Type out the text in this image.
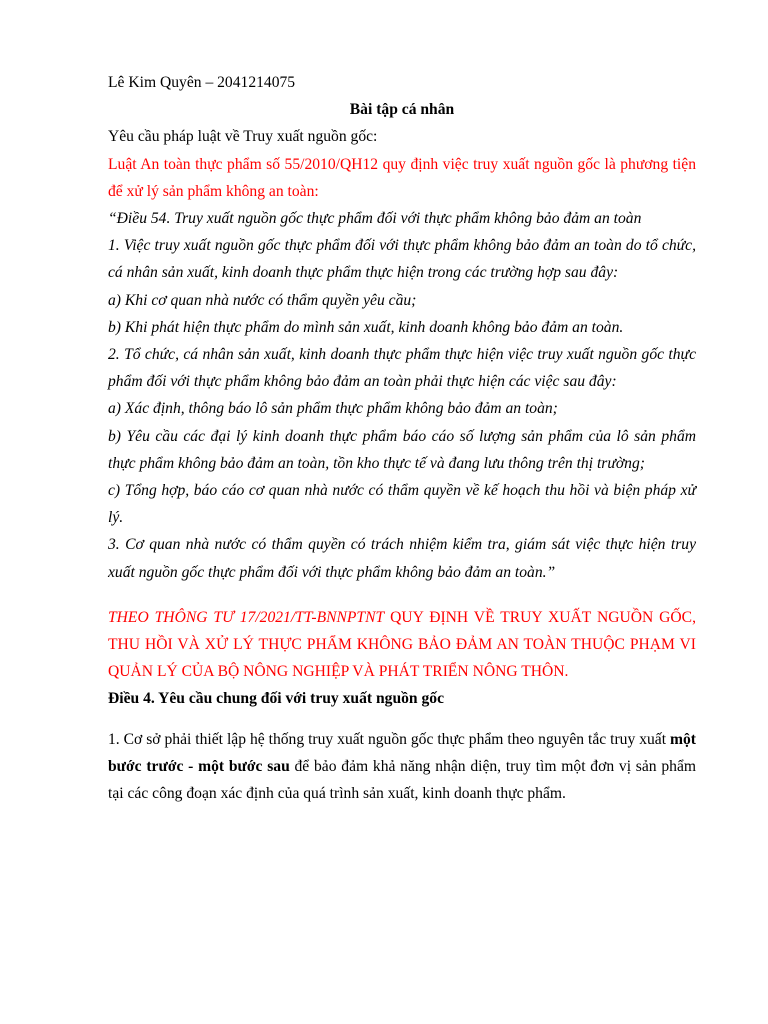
Lê Kim Quyên – 2041214075

Bài tập cá nhân

Yêu cầu pháp luật về Truy xuất nguồn gốc:

Luật An toàn thực phẩm số 55/2010/QH12 quy định việc truy xuất nguồn gốc là phương tiện để xử lý sản phẩm không an toàn:

“Điều 54. Truy xuất nguồn gốc thực phẩm đối với thực phẩm không bảo đảm an toàn

1. Việc truy xuất nguồn gốc thực phẩm đối với thực phẩm không bảo đảm an toàn do tổ chức, cá nhân sản xuất, kinh doanh thực phẩm thực hiện trong các trường hợp sau đây:

a) Khi cơ quan nhà nước có thẩm quyền yêu cầu;

b) Khi phát hiện thực phẩm do mình sản xuất, kinh doanh không bảo đảm an toàn.

2. Tổ chức, cá nhân sản xuất, kinh doanh thực phẩm thực hiện việc truy xuất nguồn gốc thực phẩm đối với thực phẩm không bảo đảm an toàn phải thực hiện các việc sau đây:

a) Xác định, thông báo lô sản phẩm thực phẩm không bảo đảm an toàn;

b) Yêu cầu các đại lý kinh doanh thực phẩm báo cáo số lượng sản phẩm của lô sản phẩm thực phẩm không bảo đảm an toàn, tồn kho thực tế và đang lưu thông trên thị trường;

c) Tổng hợp, báo cáo cơ quan nhà nước có thẩm quyền về kế hoạch thu hồi và biện pháp xử lý.

3. Cơ quan nhà nước có thẩm quyền có trách nhiệm kiểm tra, giám sát việc thực hiện truy xuất nguồn gốc thực phẩm đối với thực phẩm không bảo đảm an toàn.”

THEO THÔNG TƯ 17/2021/TT-BNNPTNT QUY ĐỊNH VỀ TRUY XUẤT NGUỒN GỐC, THU HỒI VÀ XỬ LÝ THỰC PHẨM KHÔNG BẢO ĐẢM AN TOÀN THUỘC PHẠM VI QUẢN LÝ CỦA BỘ NÔNG NGHIỆP VÀ PHÁT TRIỂN NÔNG THÔN.

Điều 4. Yêu cầu chung đối với truy xuất nguồn gốc

1. Cơ sở phải thiết lập hệ thống truy xuất nguồn gốc thực phẩm theo nguyên tắc truy xuất một bước trước - một bước sau để bảo đảm khả năng nhận diện, truy tìm một đơn vị sản phẩm tại các công đoạn xác định của quá trình sản xuất, kinh doanh thực phẩm.
